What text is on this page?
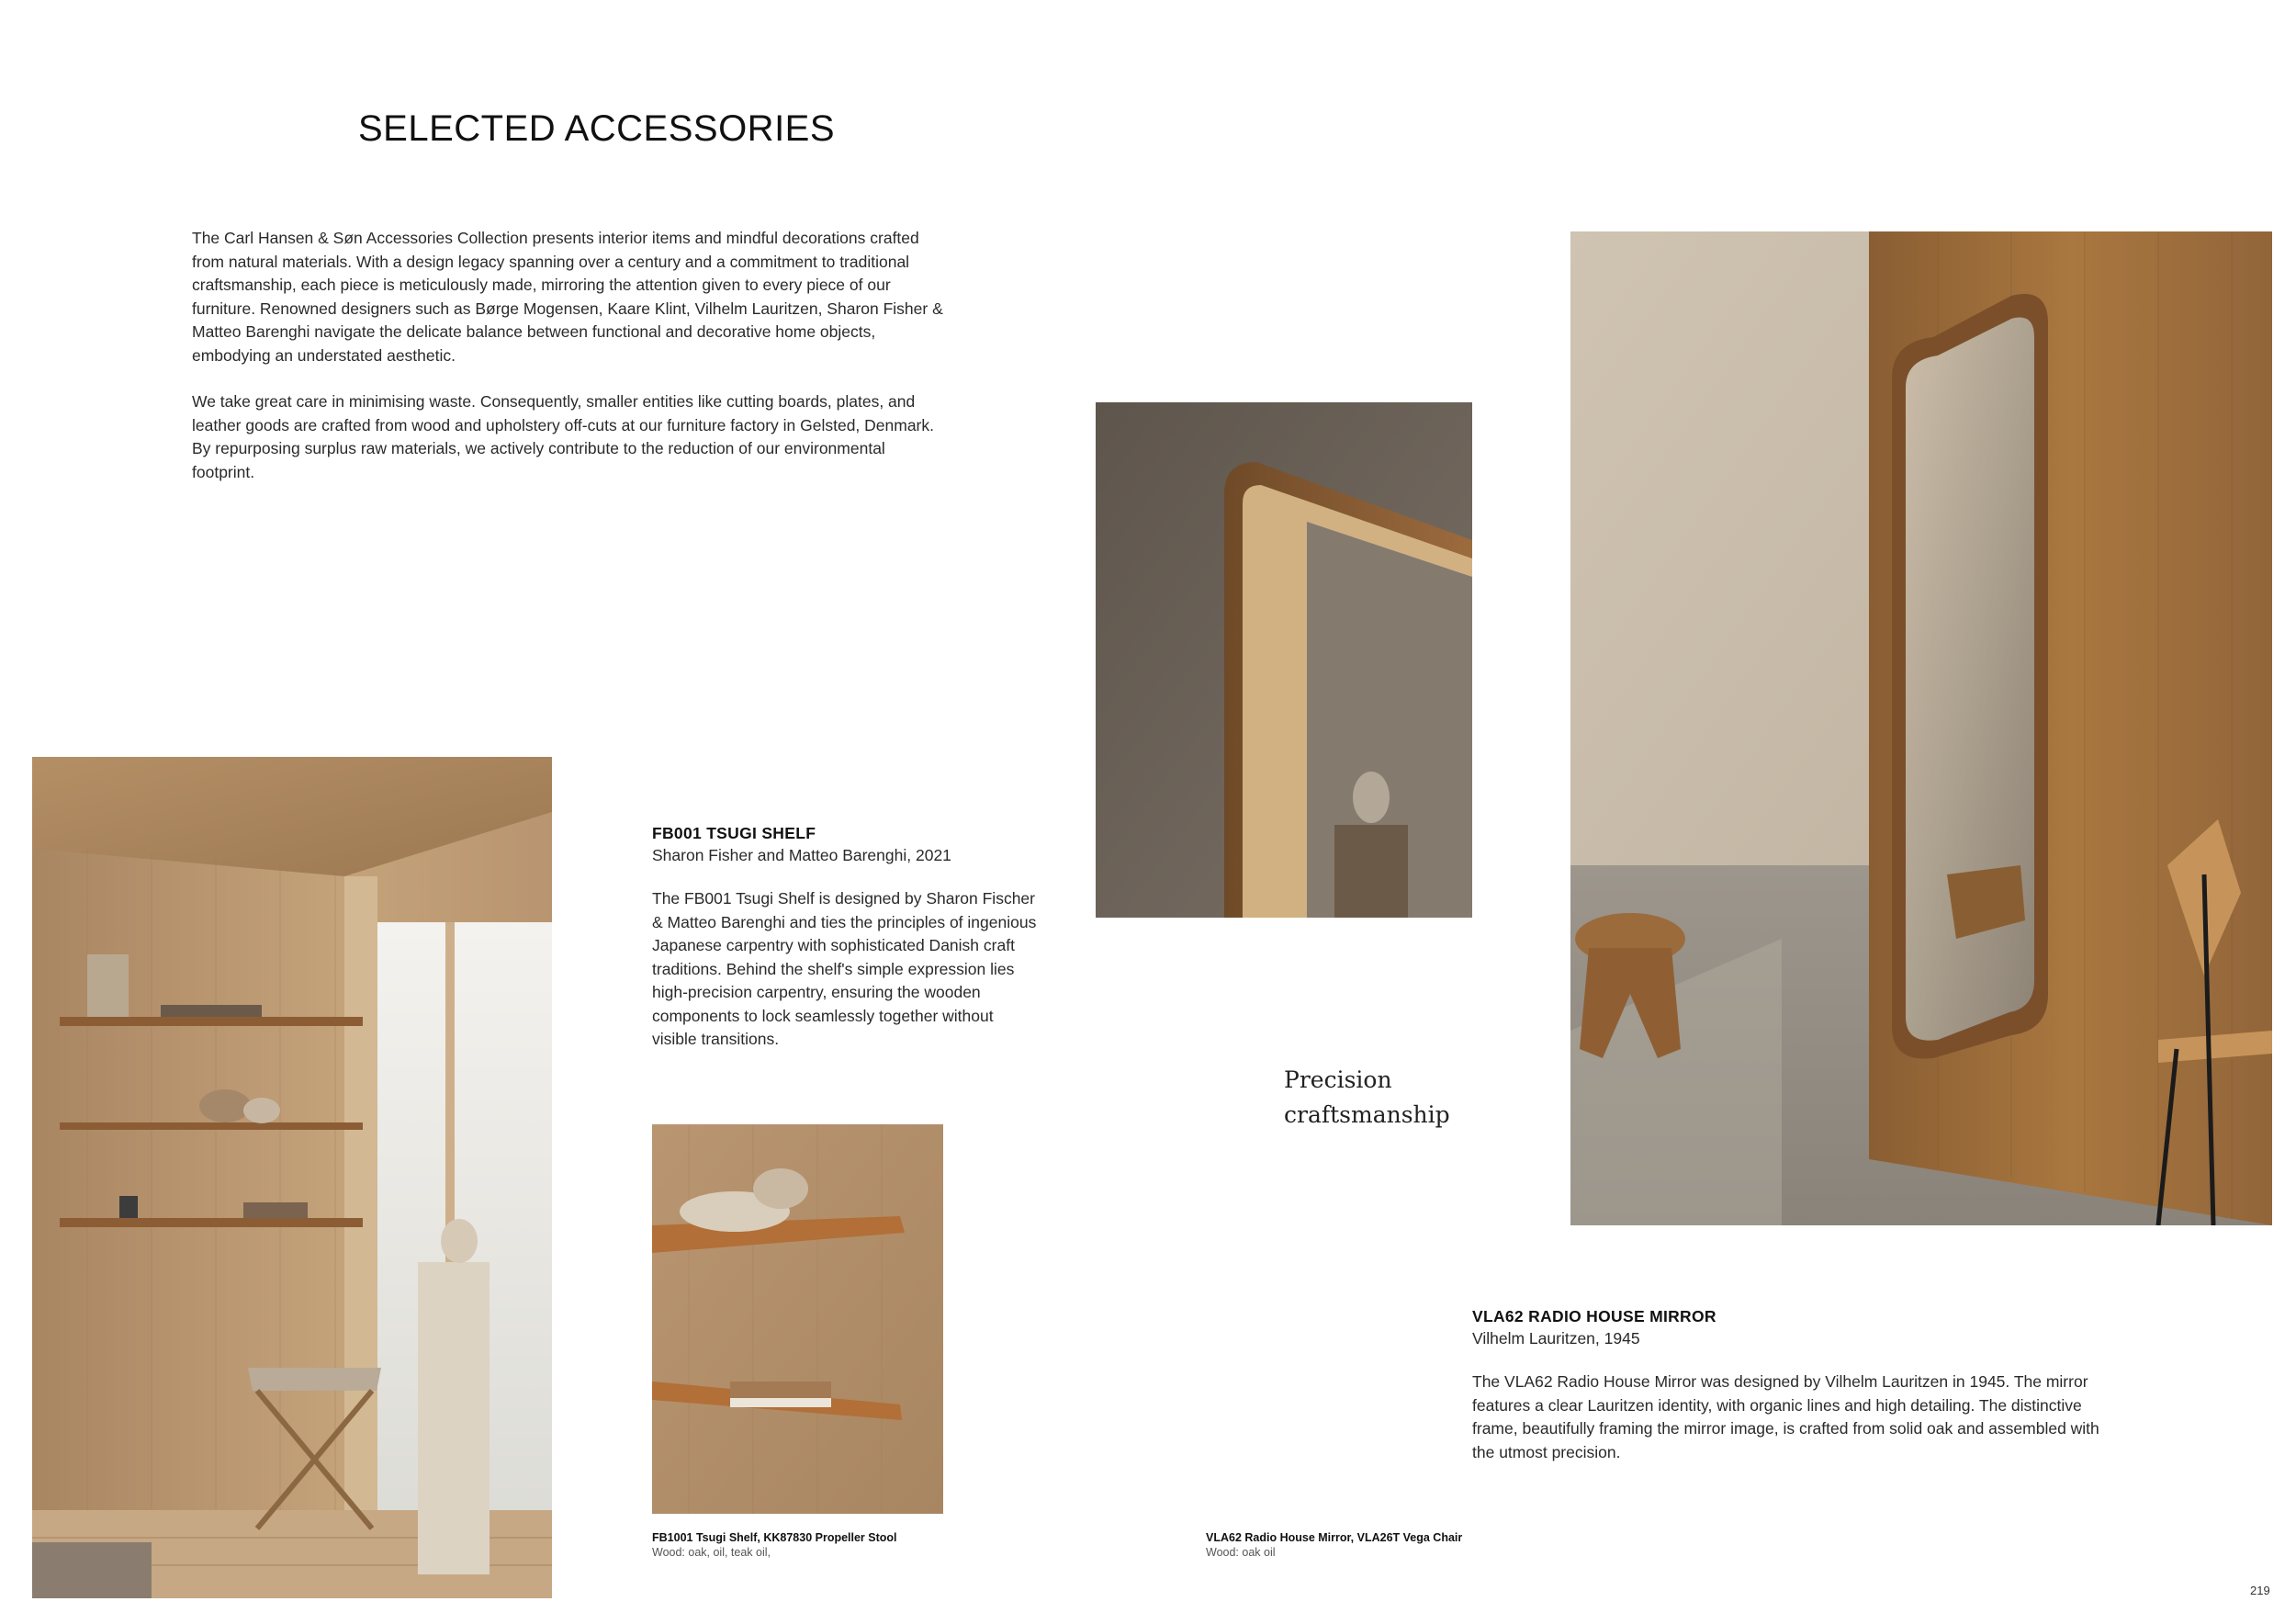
SELECTED ACCESSORIES

The Carl Hansen & Søn Accessories Collection presents interior items and mindful decorations crafted from natural materials. With a design legacy spanning over a century and a commitment to traditional craftsmanship, each piece is meticulously made, mirroring the attention given to every piece of our furniture. Renowned designers such as Børge Mogensen, Kaare Klint, Vilhelm Lauritzen, Sharon Fisher & Matteo Barenghi navigate the delicate balance between functional and decorative home objects, embodying an understated aesthetic.

We take great care in minimising waste. Consequently, smaller entities like cutting boards, plates, and leather goods are crafted from wood and upholstery off-cuts at our furniture factory in Gelsted, Denmark. By repurposing surplus raw materials, we actively contribute to the reduction of our environmental footprint.

FB001 TSUGI SHELF
Sharon Fisher and Matteo Barenghi, 2021
The FB001 Tsugi Shelf is designed by Sharon Fischer & Matteo Barenghi and ties the principles of ingenious Japanese carpentry with sophisticated Danish craft traditions. Behind the shelf's simple expression lies high-precision carpentry, ensuring the wooden components to lock seamlessly together without visible transitions.
FB1001 Tsugi Shelf, KK87830 Propeller Stool
Wood: oak, oil, teak oil,
Precision
craftsmanship
VLA62 Radio House Mirror, VLA26T Vega Chair
Wood: oak oil
VLA62 RADIO HOUSE MIRROR
Vilhelm Lauritzen, 1945
The VLA62 Radio House Mirror was designed by Vilhelm Lauritzen in 1945. The mirror features a clear Lauritzen identity, with organic lines and high detailing. The distinctive frame, beautifully framing the mirror image, is crafted from solid oak and assembled with the utmost precision.
219
